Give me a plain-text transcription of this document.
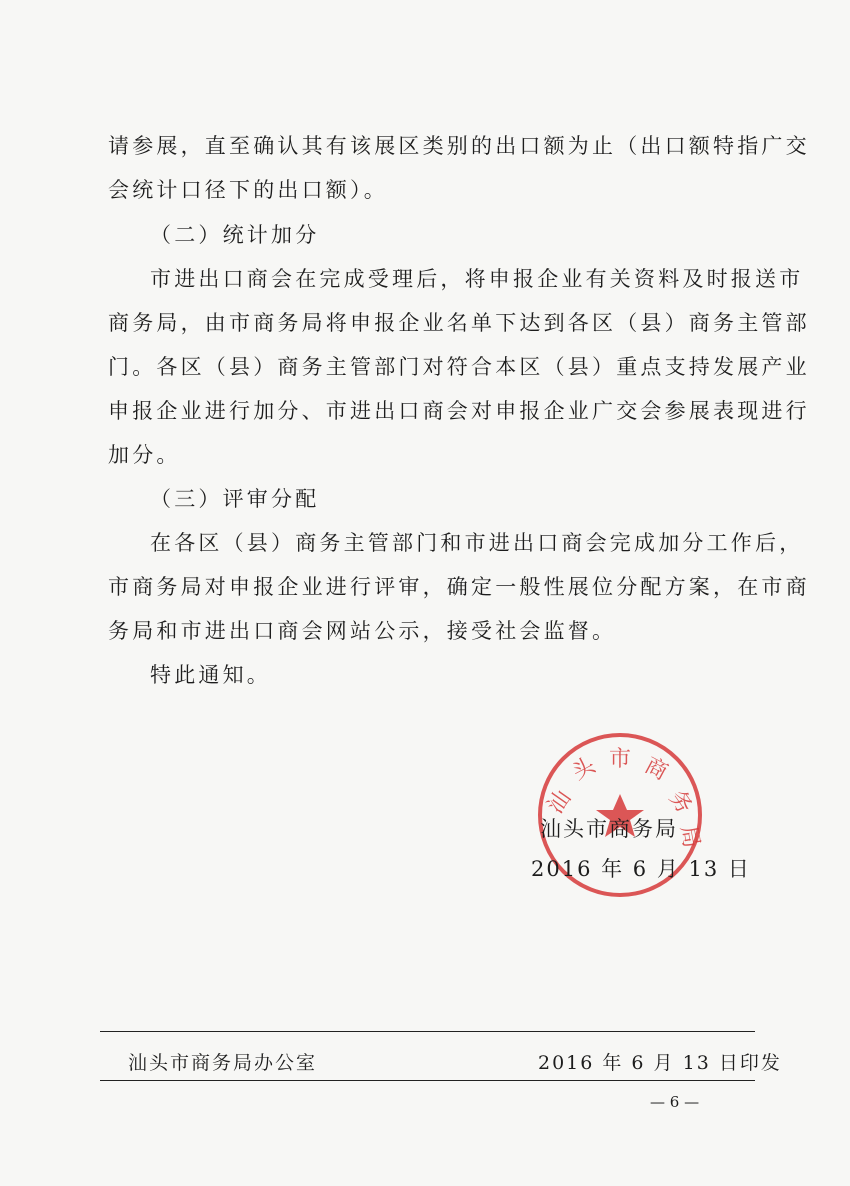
请参展，直至确认其有该展区类别的出口额为止（出口额特指广交
会统计口径下的出口额）。
（二）统计加分
市进出口商会在完成受理后，将申报企业有关资料及时报送市
商务局，由市商务局将申报企业名单下达到各区（县）商务主管部
门。各区（县）商务主管部门对符合本区（县）重点支持发展产业
申报企业进行加分、市进出口商会对申报企业广交会参展表现进行
加分。
（三）评审分配
在各区（县）商务主管部门和市进出口商会完成加分工作后，
市商务局对申报企业进行评审，确定一般性展位分配方案，在市商
务局和市进出口商会网站公示，接受社会监督。
特此通知。
汕
头 市 商
务
局
汕头市商务局
2016 年 6 月 13 日
汕头市商务局办公室	2016 年 6 月 13 日印发
— 6 —
